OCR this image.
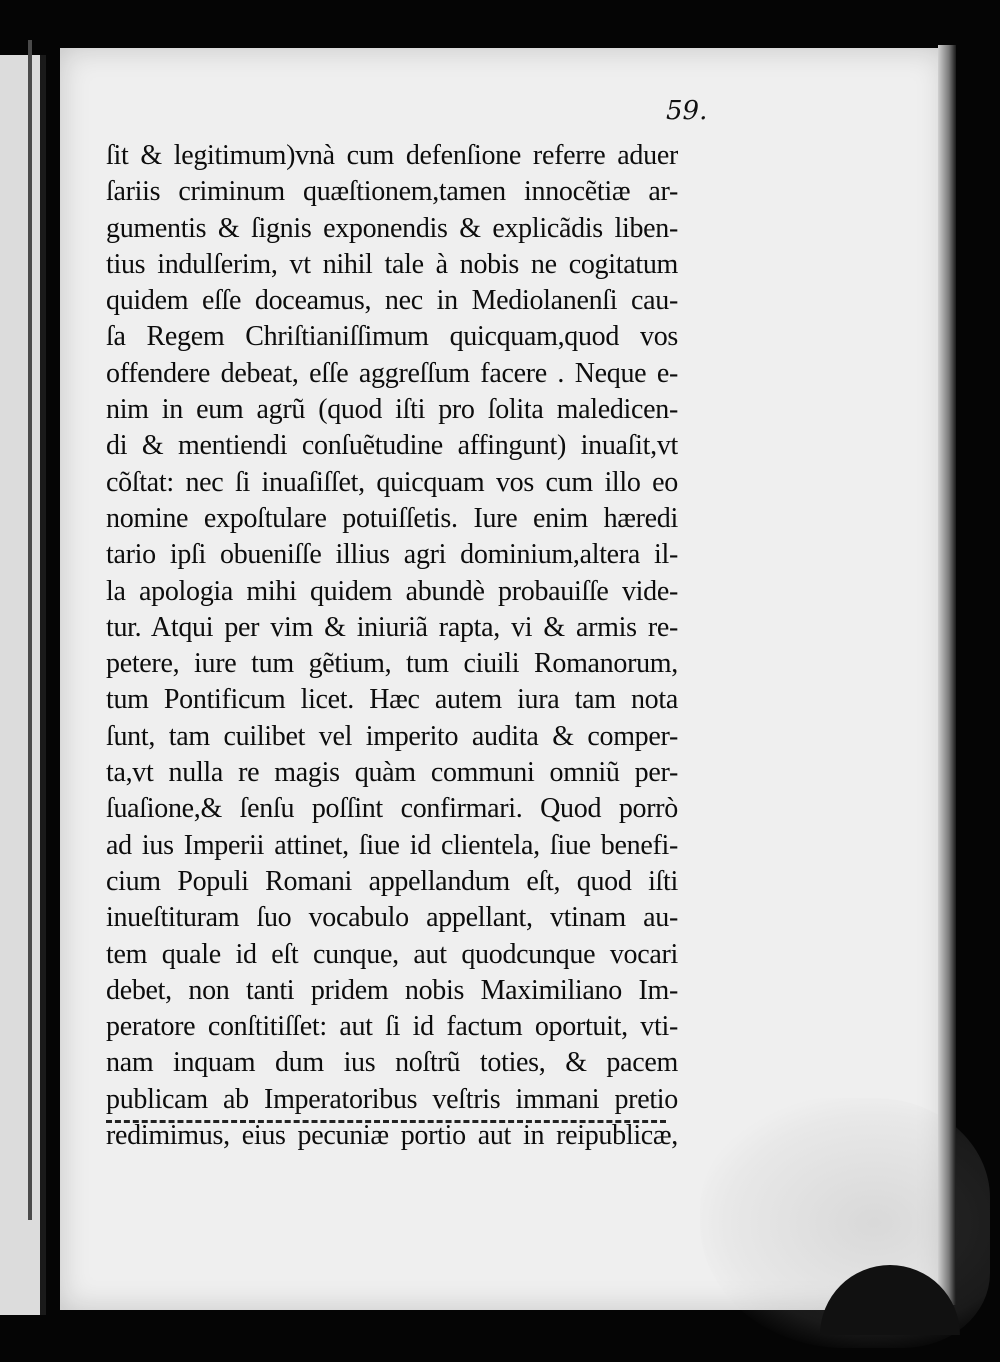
59.
ſit & legitimum)vnà cum defenſione referre aduer
ſariis criminum quæſtionem,tamen innocẽtiæ ar-
gumentis & ſignis exponendis & explicãdis liben-
tius indulſerim, vt nihil tale à nobis ne cogitatum
quidem eſſe doceamus, nec in Mediolanenſi cau-
ſa Regem Chriſtianiſſimum quicquam,quod vos
offendere debeat, eſſe aggreſſum facere . Neque e-
nim in eum agrũ (quod iſti pro ſolita maledicen-
di & mentiendi conſuẽtudine affingunt) inuaſit,vt
cõſtat: nec ſi inuaſiſſet, quicquam vos cum illo eo
nomine expoſtulare potuiſſetis. Iure enim hæredi
tario ipſi obueniſſe illius agri dominium,altera il-
la apologia mihi quidem abundè probauiſſe vide-
tur. Atqui per vim & iniuriã rapta, vi & armis re-
petere, iure tum gẽtium, tum ciuili Romanorum,
tum Pontificum licet. Hæc autem iura tam nota
ſunt, tam cuilibet vel imperito audita & comper-
ta,vt nulla re magis quàm communi omniũ per-
ſuaſione,& ſenſu poſſint confirmari. Quod porrò
ad ius Imperii attinet, ſiue id clientela, ſiue benefi-
cium Populi Romani appellandum eſt, quod iſti
inueſtituram ſuo vocabulo appellant, vtinam au-
tem quale id eſt cunque, aut quodcunque vocari
debet, non tanti pridem nobis Maximiliano Im-
peratore conſtitiſſet: aut ſi id factum oportuit, vti-
nam inquam dum ius noſtrũ toties, & pacem
publicam ab Imperatoribus veſtris immani pretio
redimimus, eius pecuniæ portio aut in reipublicæ,
